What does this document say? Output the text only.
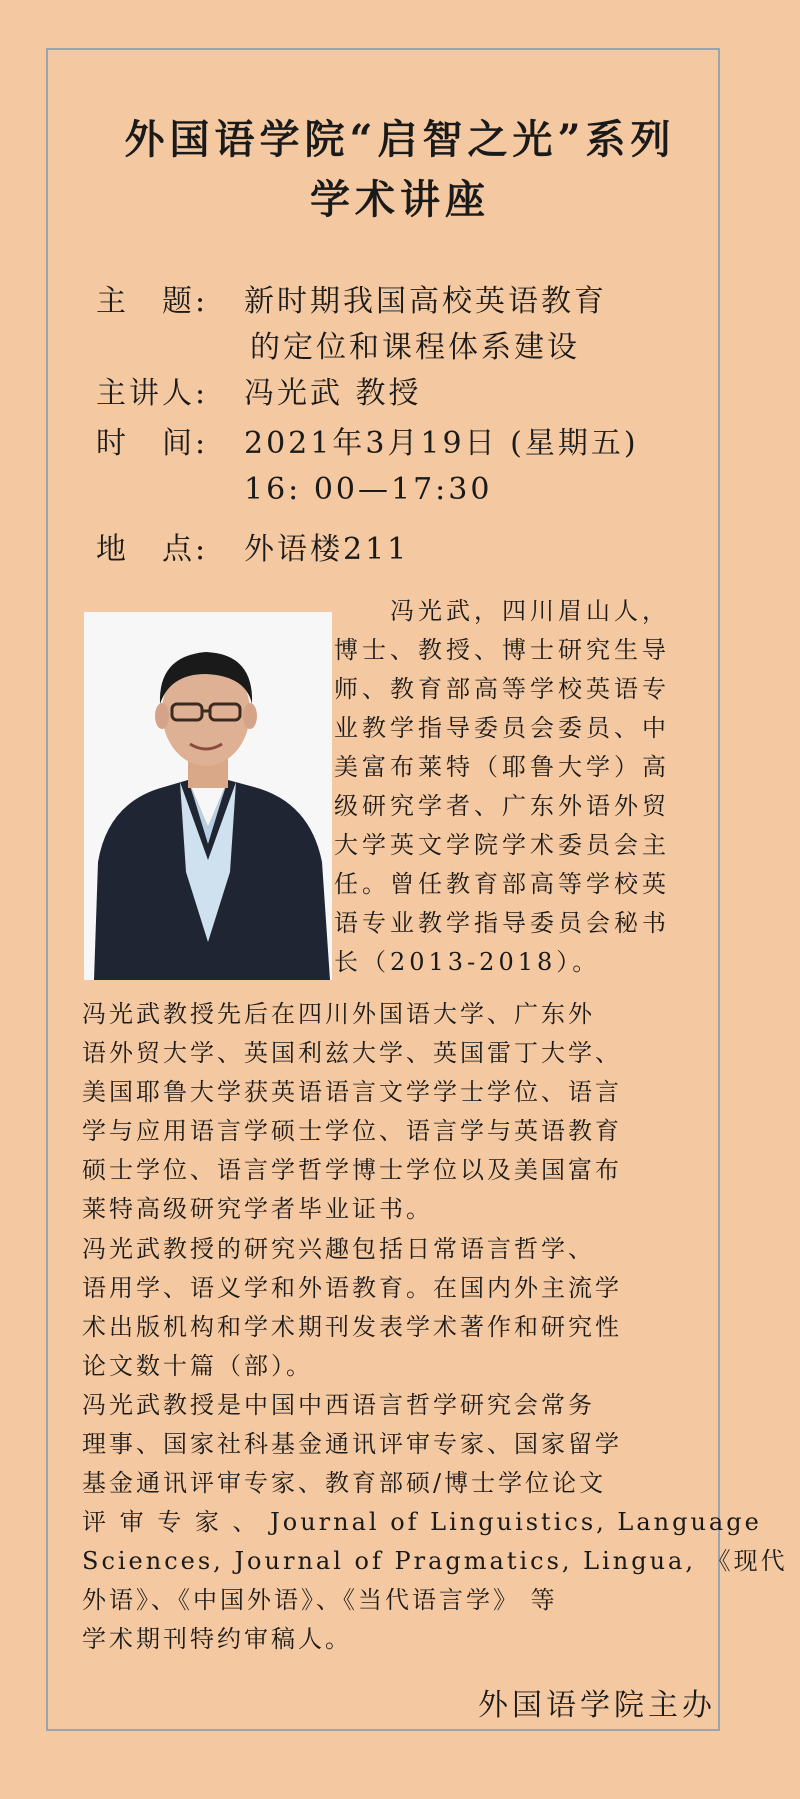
外国语学院“启智之光”系列
学术讲座
主　题: 新时期我国高校英语教育
的定位和课程体系建设
主讲人: 冯光武 教授
时　间: 2021年3月19日 (星期五)
16: 00—17:30
地　点: 外语楼211
　　冯光武，四川眉山人，
博士、教授、博士研究生导
师、教育部高等学校英语专
业教学指导委员会委员、中
美富布莱特（耶鲁大学）高
级研究学者、广东外语外贸
大学英文学院学术委员会主
任。曾任教育部高等学校英
语专业教学指导委员会秘书
长（2013-2018）。
冯光武教授先后在四川外国语大学、广东外
语外贸大学、英国利兹大学、英国雷丁大学、
美国耶鲁大学获英语语言文学学士学位、语言
学与应用语言学硕士学位、语言学与英语教育
硕士学位、语言学哲学博士学位以及美国富布
莱特高级研究学者毕业证书。
冯光武教授的研究兴趣包括日常语言哲学、
语用学、语义学和外语教育。在国内外主流学
术出版机构和学术期刊发表学术著作和研究性
论文数十篇（部）。
冯光武教授是中国中西语言哲学研究会常务
理事、国家社科基金通讯评审专家、国家留学
基金通讯评审专家、教育部硕/博士学位论文
评 审 专 家 、 Journal of Linguistics, Language
Sciences, Journal of Pragmatics, Lingua, 《现代
外语》、《中国外语》、《当代语言学》 等
学术期刊特约审稿人。
外国语学院主办
